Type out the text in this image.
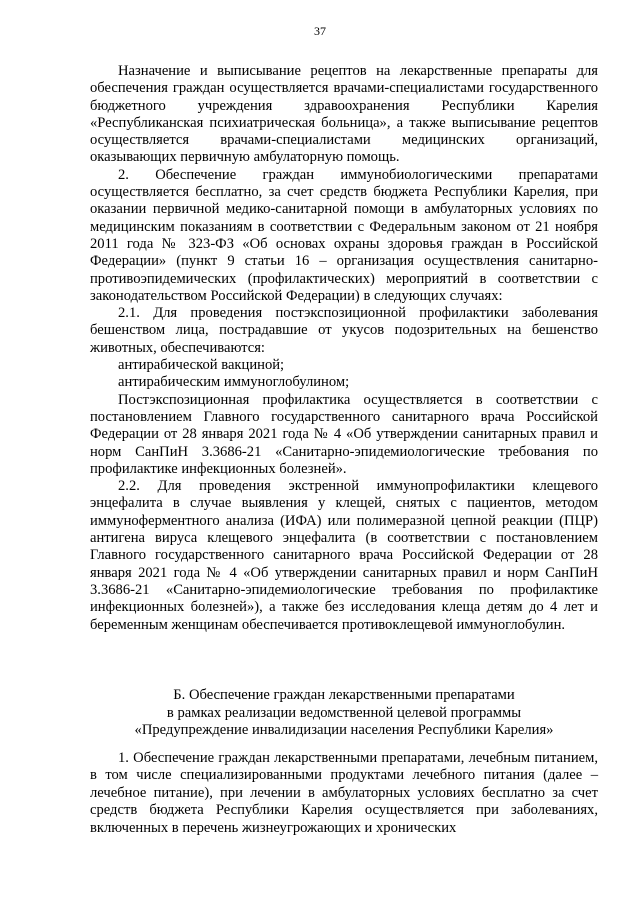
37

Назначение и выписывание рецептов на лекарственные препараты для обеспечения граждан осуществляется врачами-специалистами государственного бюджетного учреждения здравоохранения Республики Карелия «Республиканская психиатрическая больница», а также выписывание рецептов осуществляется врачами-специалистами медицинских организаций, оказывающих первичную амбулаторную помощь.

2. Обеспечение граждан иммунобиологическими препаратами осуществляется бесплатно, за счет средств бюджета Республики Карелия, при оказании первичной медико-санитарной помощи в амбулаторных условиях по медицинским показаниям в соответствии с Федеральным законом от 21 ноября 2011 года № 323-ФЗ «Об основах охраны здоровья граждан в Российской Федерации» (пункт 9 статьи 16 – организация осуществления санитарно-противоэпидемических (профилактических) мероприятий в соответствии с законодательством Российской Федерации) в следующих случаях:

2.1. Для проведения постэкспозиционной профилактики заболевания бешенством лица, пострадавшие от укусов подозрительных на бешенство животных, обеспечиваются:

антирабической вакциной;

антирабическим иммуноглобулином;

Постэкспозиционная профилактика осуществляется в соответствии с постановлением Главного государственного санитарного врача Российской Федерации от 28 января 2021 года № 4 «Об утверждении санитарных правил и норм СанПиН 3.3686-21 «Санитарно-эпидемиологические требования по профилактике инфекционных болезней».

2.2. Для проведения экстренной иммунопрофилактики клещевого энцефалита в случае выявления у клещей, снятых с пациентов, методом иммуноферментного анализа (ИФА) или полимеразной цепной реакции (ПЦР) антигена вируса клещевого энцефалита (в соответствии с постановлением Главного государственного санитарного врача Российской Федерации от 28 января 2021 года № 4 «Об утверждении санитарных правил и норм СанПиН 3.3686-21 «Санитарно-эпидемиологические требования по профилактике инфекционных болезней»), а также без исследования клеща детям до 4 лет и беременным женщинам обеспечивается противоклещевой иммуноглобулин.

Б. Обеспечение граждан лекарственными препаратами
в рамках реализации ведомственной целевой программы
«Предупреждение инвалидизации населения Республики Карелия»

1. Обеспечение граждан лекарственными препаратами, лечебным питанием, в том числе специализированными продуктами лечебного питания (далее – лечебное питание), при лечении в амбулаторных условиях бесплатно за счет средств бюджета Республики Карелия осуществляется при заболеваниях, включенных в перечень жизнеугрожающих и хронических
